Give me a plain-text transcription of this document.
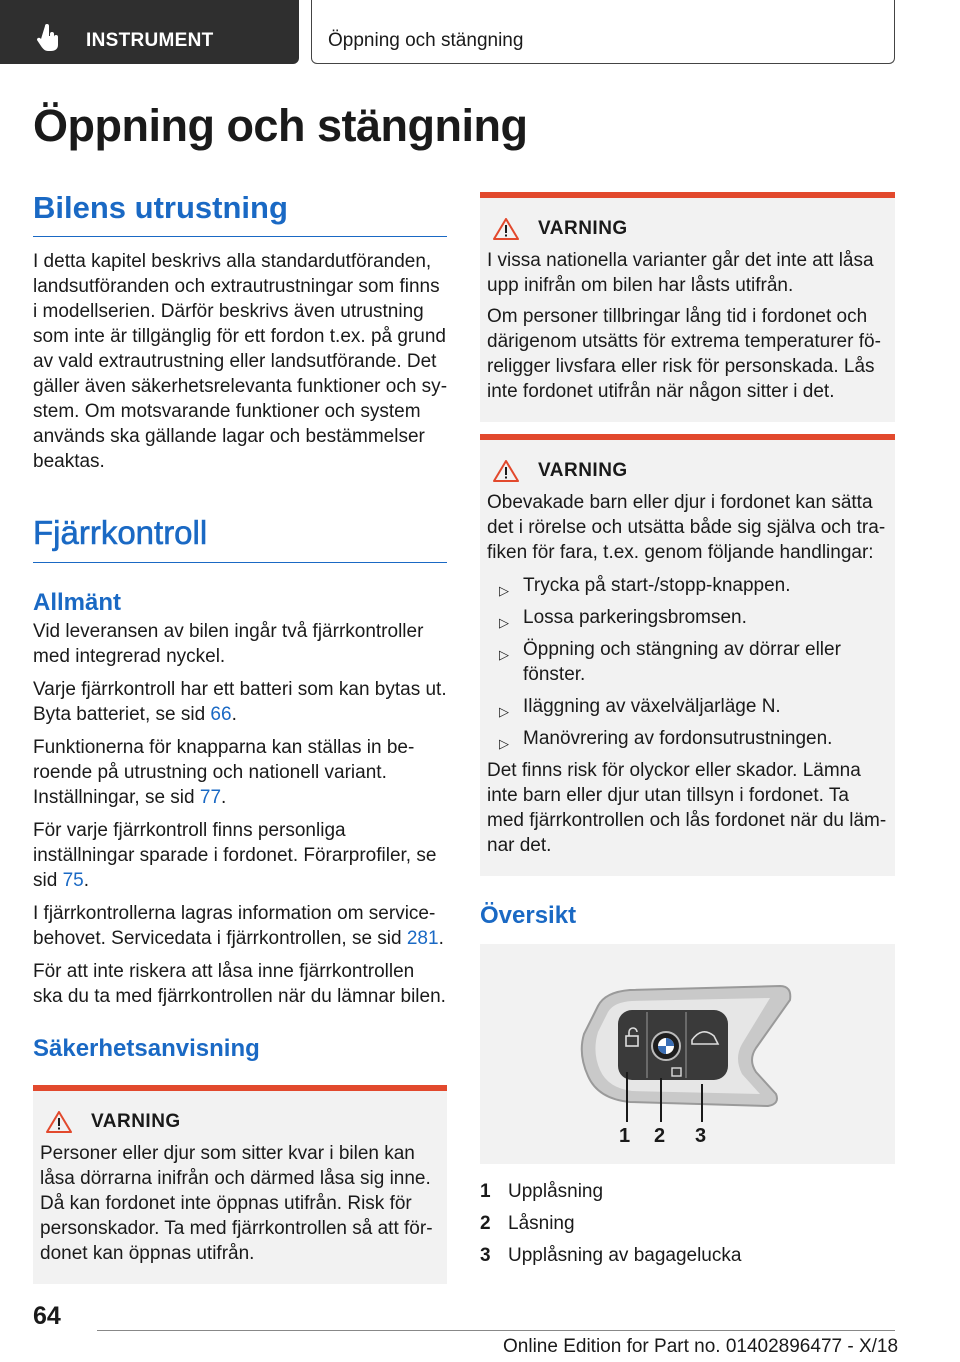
INSTRUMENT	Öppning och stängning
Öppning och stängning
Bilens utrustning

I detta kapitel beskrivs alla standardutföranden, landsutföranden och extrautrustningar som finns i modellserien. Därför beskrivs även utrustning som inte är tillgänglig för ett fordon t.ex. på grund av vald extrautrustning eller landsutförande. Det gäller även säkerhetsrelevanta funktioner och system. Om motsvarande funktioner och system används ska gällande lagar och bestämmelser beaktas.

Fjärrkontroll
Allmänt

Vid leveransen av bilen ingår två fjärrkontroller med integrerad nyckel.

Varje fjärrkontroll har ett batteri som kan bytas ut. Byta batteriet, se sid 66.

Funktionerna för knapparna kan ställas in beroende på utrustning och nationell variant. Inställningar, se sid 77.

För varje fjärrkontroll finns personliga inställningar sparade i fordonet. Förarprofiler, se sid 75.

I fjärrkontrollerna lagras information om servicebehovet. Servicedata i fjärrkontrollen, se sid 281.

För att inte riskera att låsa inne fjärrkontrollen ska du ta med fjärrkontrollen när du lämnar bilen.

Säkerhetsanvisning
VARNING

Personer eller djur som sitter kvar i bilen kan låsa dörrarna inifrån och därmed låsa sig inne. Då kan fordonet inte öppnas utifrån. Risk för personskador. Ta med fjärrkontrollen så att fördonet kan öppnas utifrån.

VARNING

I vissa nationella varianter går det inte att låsa upp inifrån om bilen har låsts utifrån.

Om personer tillbringar lång tid i fordonet och därigenom utsätts för extrema temperaturer föreligger livsfara eller risk för personskada. Lås inte fordonet utifrån när någon sitter i det.

VARNING

Obevakade barn eller djur i fordonet kan sätta det i rörelse och utsätta både sig själva och trafiken för fara, t.ex. genom följande handlingar:

▷ Trycka på start-/stopp-knappen.
▷ Lossa parkeringsbromsen.
▷ Öppning och stängning av dörrar eller fönster.
▷ Iläggning av växelväljarläge N.
▷ Manövrering av fordonsutrustningen.

Det finns risk för olyckor eller skador. Lämna inte barn eller djur utan tillsyn i fordonet. Ta med fjärrkontrollen och lås fordonet när du lämnar det.

Översikt
1 2 3
1 Upplåsning
2 Låsning
3 Upplåsning av bagagelucka
64
Online Edition for Part no. 01402896477 - X/18
